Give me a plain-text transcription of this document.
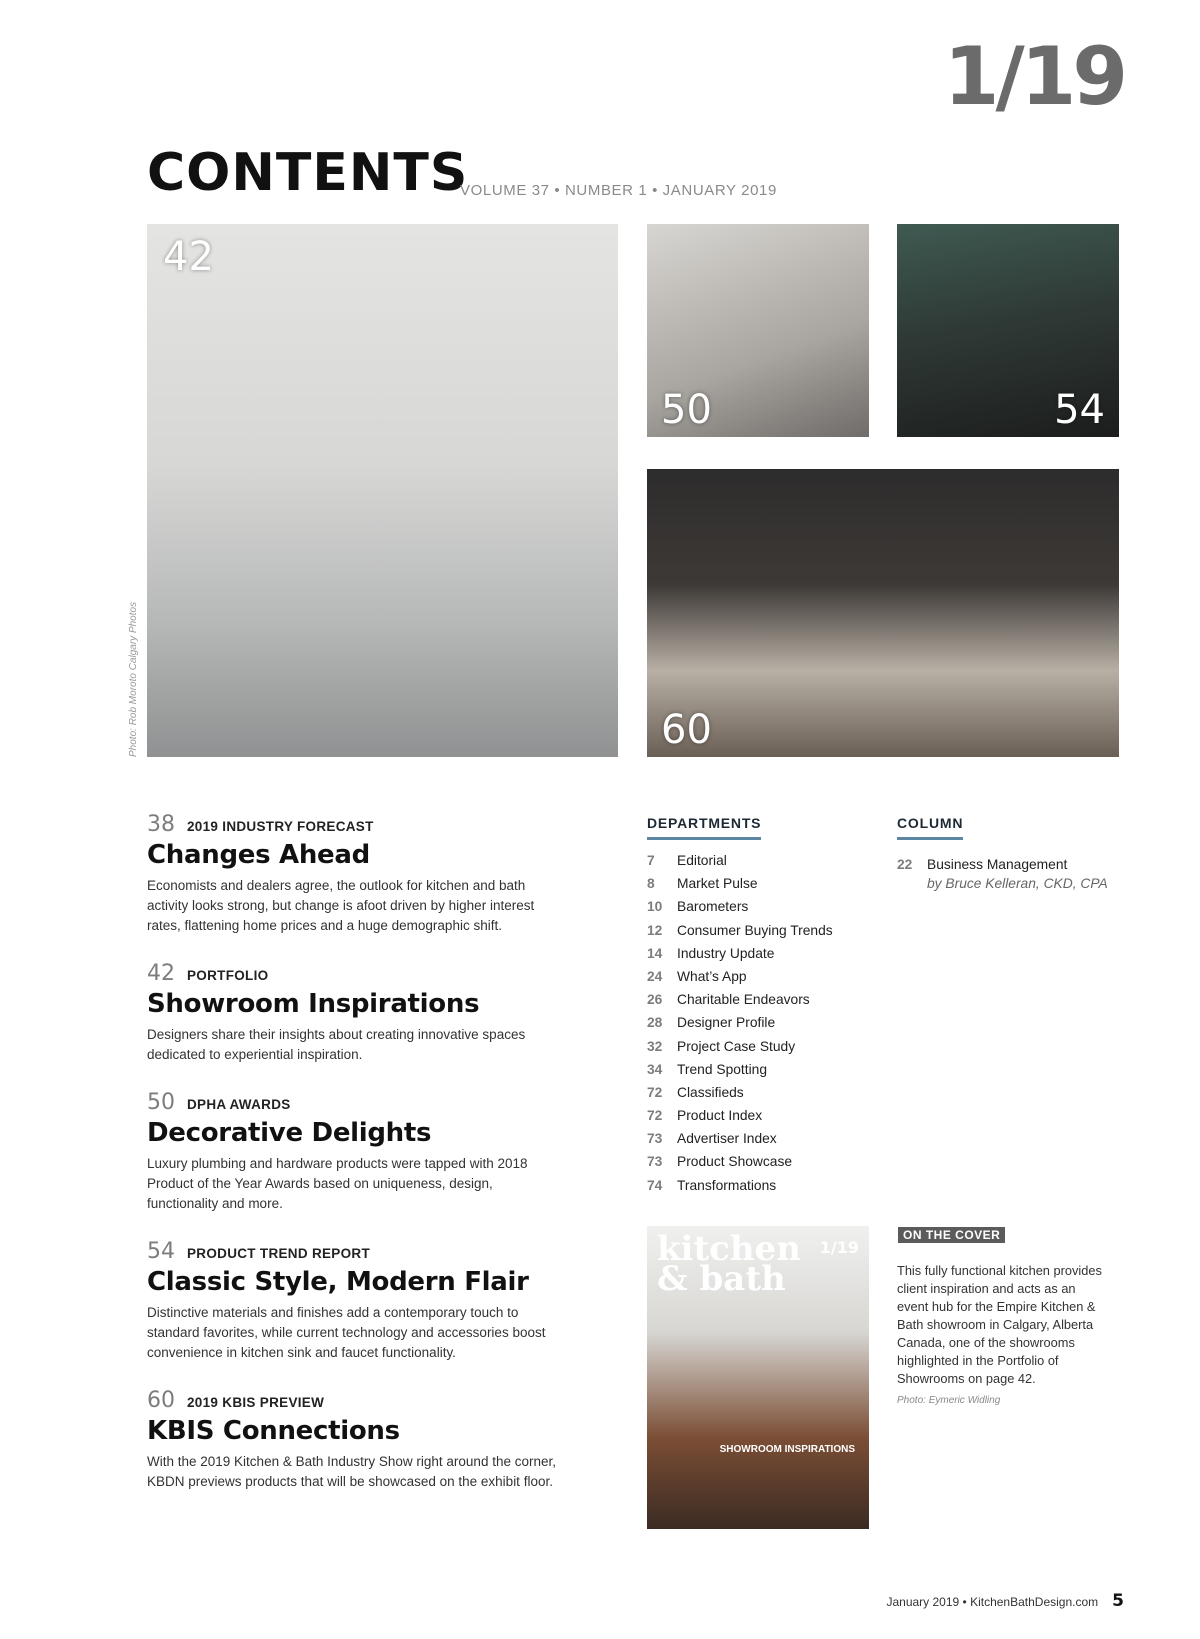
1/19
CONTENTS
VOLUME 37 • NUMBER 1 • JANUARY 2019
42
50	54
60
Photo: Rob Moroto Calgary Photos
38 2019 INDUSTRY FORECAST
Changes Ahead

Economists and dealers agree, the outlook for kitchen and bath activity looks strong, but change is afoot driven by higher interest rates, flattening home prices and a huge demographic shift.

42 PORTFOLIO
Showroom Inspirations

Designers share their insights about creating innovative spaces dedicated to experiential inspiration.

50 DPHA AWARDS
Decorative Delights

Luxury plumbing and hardware products were tapped with 2018 Product of the Year Awards based on uniqueness, design, functionality and more.

54 PRODUCT TREND REPORT
Classic Style, Modern Flair

Distinctive materials and finishes add a contemporary touch to standard favorites, while current technology and accessories boost convenience in kitchen sink and faucet functionality.

60 2019 KBIS PREVIEW
KBIS Connections

With the 2019 Kitchen & Bath Industry Show right around the corner, KBDN previews products that will be showcased on the exhibit floor.

DEPARTMENTS
7	Editorial
8	Market Pulse
10	Barometers
12	Consumer Buying Trends
14	Industry Update
24	What’s App
26	Charitable Endeavors
28	Designer Profile
32	Project Case Study
34	Trend Spotting
72	Classifieds
72	Product Index
73	Advertiser Index
73	Product Showcase
74	Transformations
COLUMN
22	Business Management
by Bruce Kelleran, CKD, CPA
kitchen
& bath
1/19
SHOWROOM INSPIRATIONS
ON THE COVER

This fully functional kitchen provides client inspiration and acts as an event hub for the Empire Kitchen & Bath showroom in Calgary, Alberta Canada, one of the showrooms highlighted in the Portfolio of Showrooms on page 42.

Photo: Eymeric Widling
January 2019 • KitchenBathDesign.com 5
